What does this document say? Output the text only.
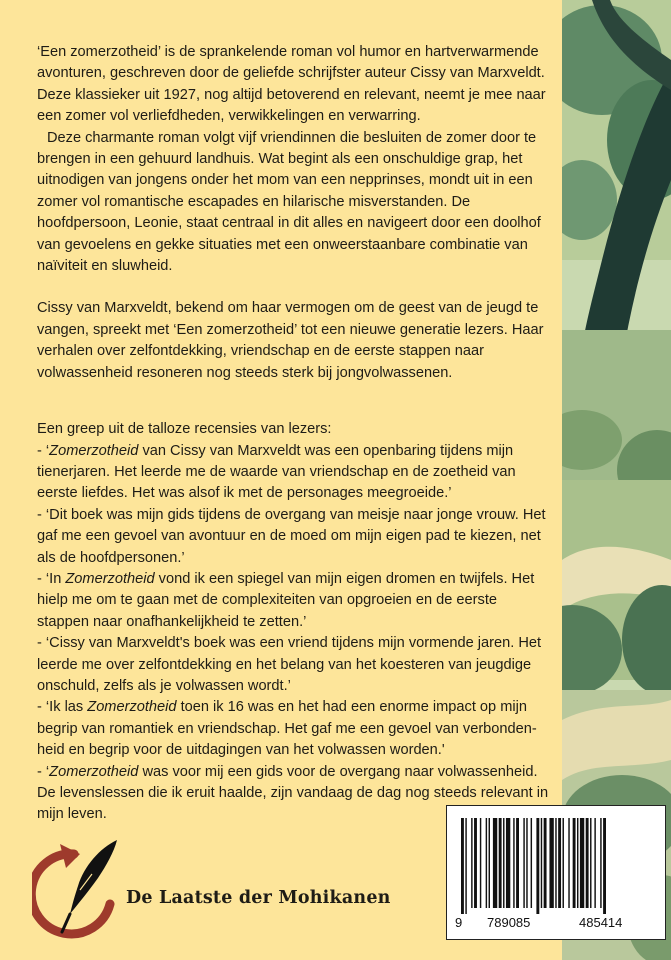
‘Een zomerzotheid’ is de sprankelende roman vol humor en hartverwarmende avonturen, geschreven door de geliefde schrijfster auteur Cissy van Marxveldt. Deze klassieker uit 1927, nog altijd betoverend en relevant, neemt je mee naar een zomer vol verliefdheden, verwikkelingen en verwarring.

Deze charmante roman volgt vijf vriendinnen die besluiten de zomer door te brengen in een gehuurd landhuis. Wat begint als een onschuldige grap, het uitnodigen van jongens onder het mom van een nepprinses, mondt uit in een zomer vol romantische escapades en hilarische misverstanden. De hoofdpersoon, Leonie, staat centraal in dit alles en navigeert door een doolhof van gevoelens en gekke situaties met een onweerstaanbare combinatie van naïviteit en sluwheid.

Cissy van Marxveldt, bekend om haar vermogen om de geest van de jeugd te vangen, spreekt met ‘Een zomerzotheid’ tot een nieuwe generatie lezers. Haar verhalen over zelfontdekking, vriendschap en de eerste stappen naar volwassenheid resoneren nog steeds sterk bij jongvolwassenen.

Een greep uit de talloze recensies van lezers:

- ‘Zomerzotheid van Cissy van Marxveldt was een openbaring tijdens mijn tienerjaren. Het leerde me de waarde van vriendschap en de zoetheid van eerste liefdes. Het was alsof ik met de personages meegroeide.’

- ‘Dit boek was mijn gids tijdens de overgang van meisje naar jonge vrouw. Het gaf me een gevoel van avontuur en de moed om mijn eigen pad te kiezen, net als de hoofdpersonen.’

- ‘In Zomerzotheid vond ik een spiegel van mijn eigen dromen en twijfels. Het hielp me om te gaan met de complexiteiten van opgroeien en de eerste stappen naar onafhankelijkheid te zetten.’

- ‘Cissy van Marxveldt's boek was een vriend tijdens mijn vormende jaren. Het leerde me over zelfontdekking en het belang van het koesteren van jeugdige onschuld, zelfs als je volwassen wordt.’

- ‘Ik las Zomerzotheid toen ik 16 was en het had een enorme impact op mijn begrip van romantiek en vriendschap. Het gaf me een gevoel van verbonden-heid en begrip voor de uitdagingen van het volwassen worden.'

- ‘Zomerzotheid was voor mij een gids voor de overgang naar volwassenheid. De levenslessen die ik eruit haalde, zijn vandaag de dag nog steeds relevant in mijn leven.

De Laatste der Mohikanen
9	789085	485414
